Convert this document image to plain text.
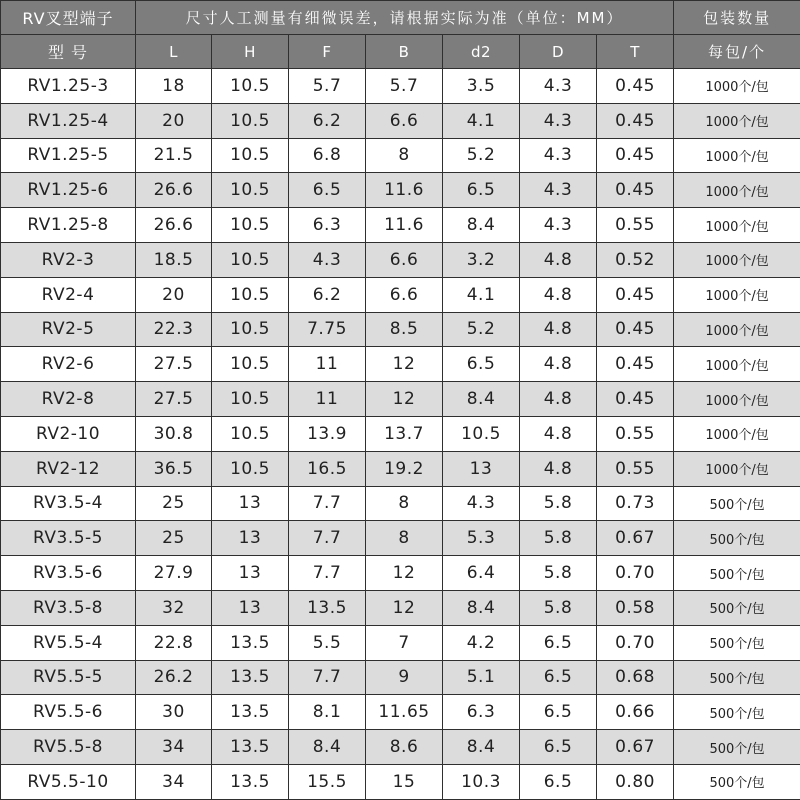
RV叉型端子	尺寸人工测量有细微误差，请根据实际为准（单位：MM）							包装数量
型 号	L	H	F	B	d2	D	T	每包/个
RV1.25-3	18	10.5	5.7	5.7	3.5	4.3	0.45	1000个/包
RV1.25-4	20	10.5	6.2	6.6	4.1	4.3	0.45	1000个/包
RV1.25-5	21.5	10.5	6.8	8	5.2	4.3	0.45	1000个/包
RV1.25-6	26.6	10.5	6.5	11.6	6.5	4.3	0.45	1000个/包
RV1.25-8	26.6	10.5	6.3	11.6	8.4	4.3	0.55	1000个/包
RV2-3	18.5	10.5	4.3	6.6	3.2	4.8	0.52	1000个/包
RV2-4	20	10.5	6.2	6.6	4.1	4.8	0.45	1000个/包
RV2-5	22.3	10.5	7.75	8.5	5.2	4.8	0.45	1000个/包
RV2-6	27.5	10.5	11	12	6.5	4.8	0.45	1000个/包
RV2-8	27.5	10.5	11	12	8.4	4.8	0.45	1000个/包
RV2-10	30.8	10.5	13.9	13.7	10.5	4.8	0.55	1000个/包
RV2-12	36.5	10.5	16.5	19.2	13	4.8	0.55	1000个/包
RV3.5-4	25	13	7.7	8	4.3	5.8	0.73	500个/包
RV3.5-5	25	13	7.7	8	5.3	5.8	0.67	500个/包
RV3.5-6	27.9	13	7.7	12	6.4	5.8	0.70	500个/包
RV3.5-8	32	13	13.5	12	8.4	5.8	0.58	500个/包
RV5.5-4	22.8	13.5	5.5	7	4.2	6.5	0.70	500个/包
RV5.5-5	26.2	13.5	7.7	9	5.1	6.5	0.68	500个/包
RV5.5-6	30	13.5	8.1	11.65	6.3	6.5	0.66	500个/包
RV5.5-8	34	13.5	8.4	8.6	8.4	6.5	0.67	500个/包
RV5.5-10	34	13.5	15.5	15	10.3	6.5	0.80	500个/包
